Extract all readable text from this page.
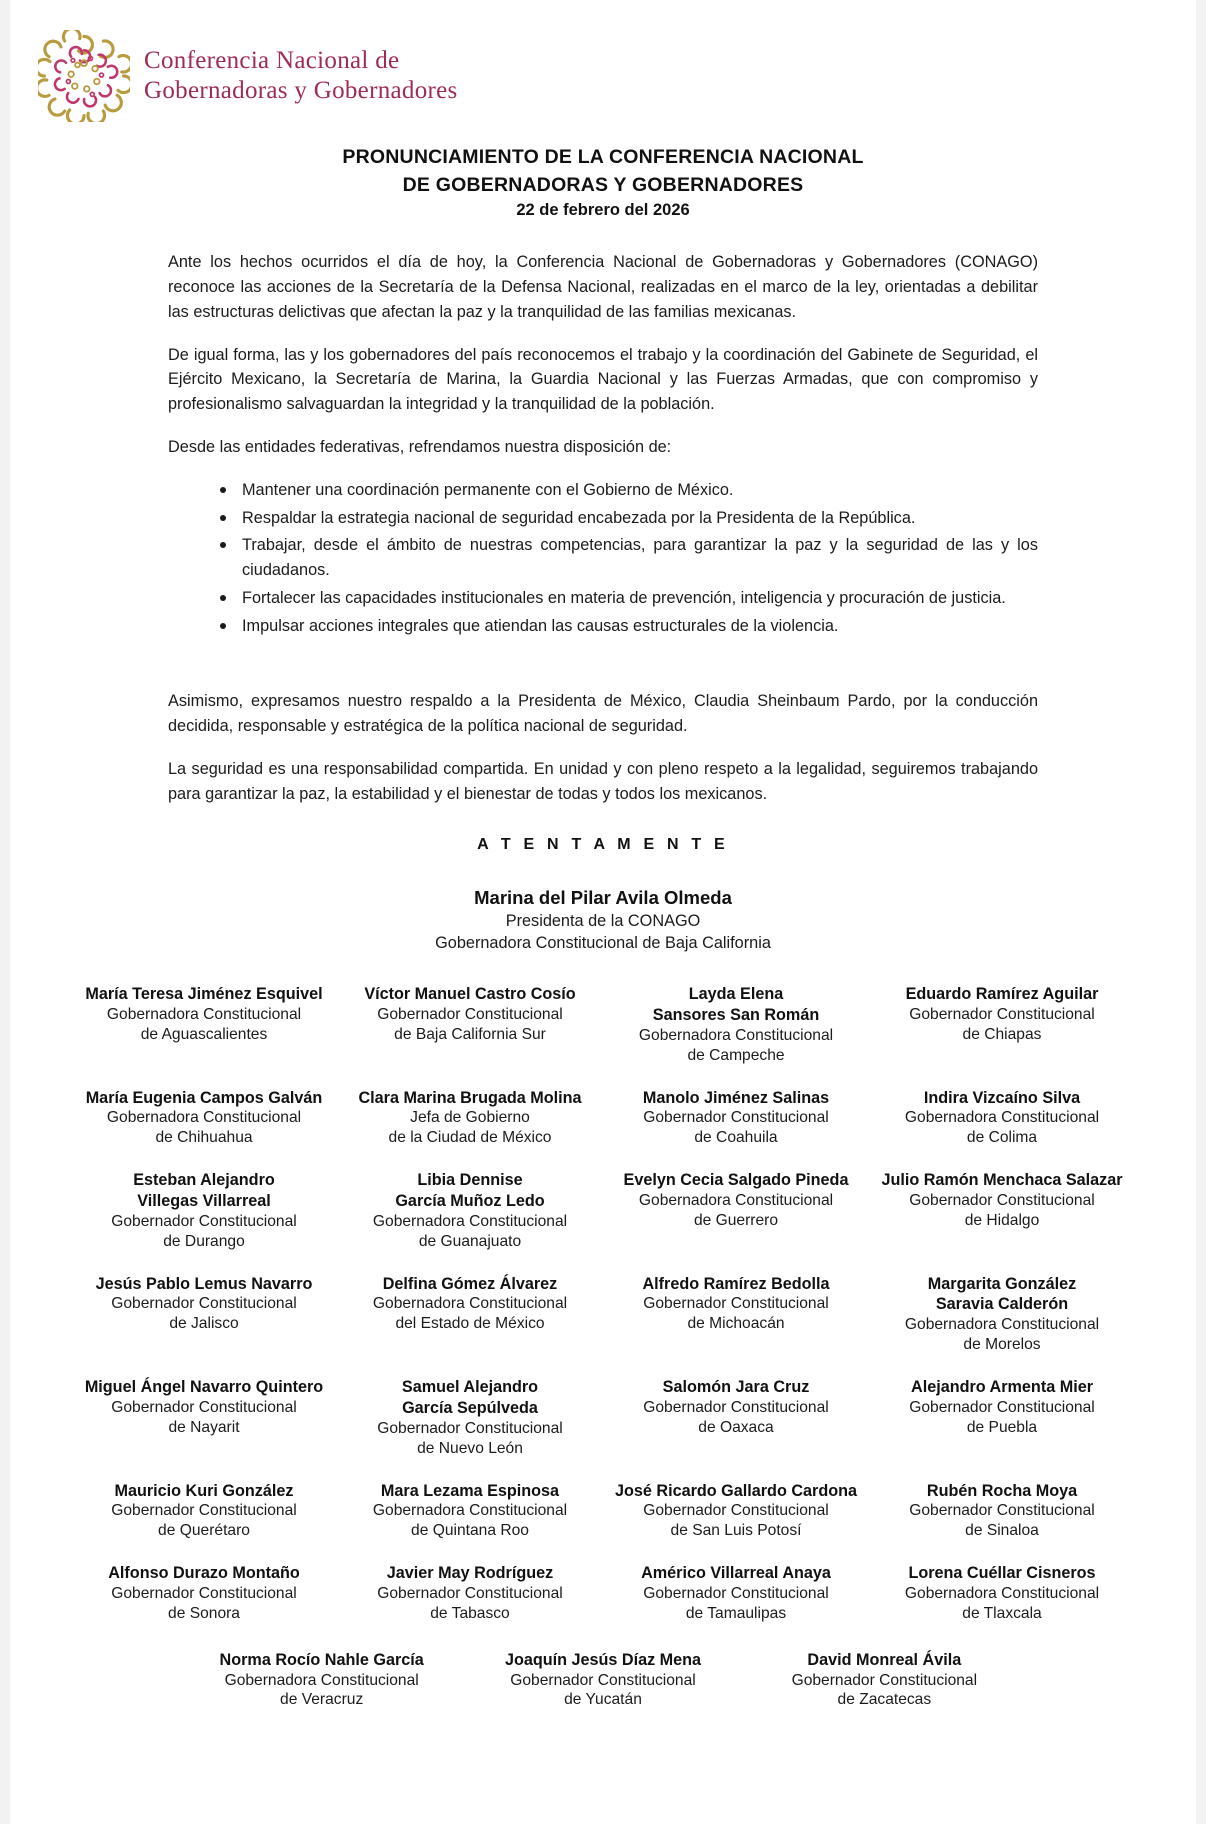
Conferencia Nacional de
Gobernadoras y Gobernadores
PRONUNCIAMIENTO DE LA CONFERENCIA NACIONAL
DE GOBERNADORAS Y GOBERNADORES
22 de febrero del 2026

Ante los hechos ocurridos el día de hoy, la Conferencia Nacional de Gobernadoras y Gobernadores (CONAGO) reconoce las acciones de la Secretaría de la Defensa Nacional, realizadas en el marco de la ley, orientadas a debilitar las estructuras delictivas que afectan la paz y la tranquilidad de las familias mexicanas.

De igual forma, las y los gobernadores del país reconocemos el trabajo y la coordinación del Gabinete de Seguridad, el Ejército Mexicano, la Secretaría de Marina, la Guardia Nacional y las Fuerzas Armadas, que con compromiso y profesionalismo salvaguardan la integridad y la tranquilidad de la población.

Desde las entidades federativas, refrendamos nuestra disposición de:

Mantener una coordinación permanente con el Gobierno de México.
Respaldar la estrategia nacional de seguridad encabezada por la Presidenta de la República.
Trabajar, desde el ámbito de nuestras competencias, para garantizar la paz y la seguridad de las y los ciudadanos.
Fortalecer las capacidades institucionales en materia de prevención, inteligencia y procuración de justicia.
Impulsar acciones integrales que atiendan las causas estructurales de la violencia.

Asimismo, expresamos nuestro respaldo a la Presidenta de México, Claudia Sheinbaum Pardo, por la conducción decidida, responsable y estratégica de la política nacional de seguridad.

La seguridad es una responsabilidad compartida. En unidad y con pleno respeto a la legalidad, seguiremos trabajando para garantizar la paz, la estabilidad y el bienestar de todas y todos los mexicanos.

A T E N T A M E N T E
Marina del Pilar Avila Olmeda
Presidenta de la CONAGO
Gobernadora Constitucional de Baja California
María Teresa Jiménez Esquivel
Gobernadora Constitucional
de Aguascalientes
Víctor Manuel Castro Cosío
Gobernador Constitucional
de Baja California Sur
Layda Elena
Sansores San Román
Gobernadora Constitucional
de Campeche
Eduardo Ramírez Aguilar
Gobernador Constitucional
de Chiapas
María Eugenia Campos Galván
Gobernadora Constitucional
de Chihuahua
Clara Marina Brugada Molina
Jefa de Gobierno
de la Ciudad de México
Manolo Jiménez Salinas
Gobernador Constitucional
de Coahuila
Indira Vizcaíno Silva
Gobernadora Constitucional
de Colima
Esteban Alejandro
Villegas Villarreal
Gobernador Constitucional
de Durango
Libia Dennise
García Muñoz Ledo
Gobernadora Constitucional
de Guanajuato
Evelyn Cecia Salgado Pineda
Gobernadora Constitucional
de Guerrero
Julio Ramón Menchaca Salazar
Gobernador Constitucional
de Hidalgo
Jesús Pablo Lemus Navarro
Gobernador Constitucional
de Jalisco
Delfina Gómez Álvarez
Gobernadora Constitucional
del Estado de México
Alfredo Ramírez Bedolla
Gobernador Constitucional
de Michoacán
Margarita González
Saravia Calderón
Gobernadora Constitucional
de Morelos
Miguel Ángel Navarro Quintero
Gobernador Constitucional
de Nayarit
Samuel Alejandro
García Sepúlveda
Gobernador Constitucional
de Nuevo León
Salomón Jara Cruz
Gobernador Constitucional
de Oaxaca
Alejandro Armenta Mier
Gobernador Constitucional
de Puebla
Mauricio Kuri González
Gobernador Constitucional
de Querétaro
Mara Lezama Espinosa
Gobernadora Constitucional
de Quintana Roo
José Ricardo Gallardo Cardona
Gobernador Constitucional
de San Luis Potosí
Rubén Rocha Moya
Gobernador Constitucional
de Sinaloa
Alfonso Durazo Montaño
Gobernador Constitucional
de Sonora
Javier May Rodríguez
Gobernador Constitucional
de Tabasco
Américo Villarreal Anaya
Gobernador Constitucional
de Tamaulipas
Lorena Cuéllar Cisneros
Gobernadora Constitucional
de Tlaxcala
Norma Rocío Nahle García
Gobernadora Constitucional
de Veracruz
Joaquín Jesús Díaz Mena
Gobernador Constitucional
de Yucatán
David Monreal Ávila
Gobernador Constitucional
de Zacatecas
